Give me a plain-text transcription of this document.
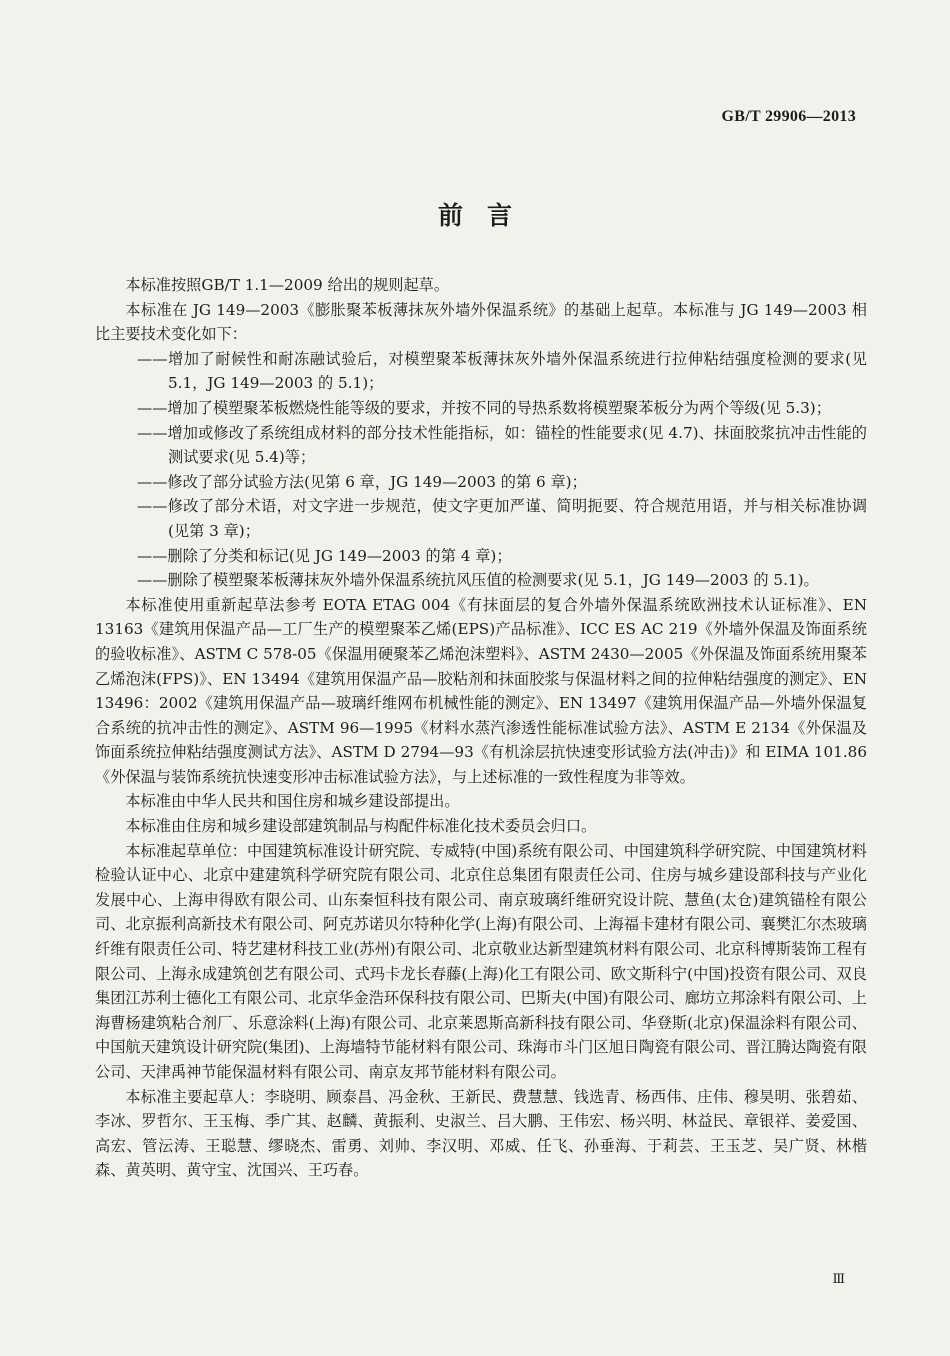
GB/T 29906—2013
前言

本标准按照GB/T 1.1—2009 给出的规则起草。

本标准在 JG 149—2003《膨胀聚苯板薄抹灰外墙外保温系统》的基础上起草。本标准与 JG 149—2003 相比主要技术变化如下：

——增加了耐候性和耐冻融试验后，对模塑聚苯板薄抹灰外墙外保温系统进行拉伸粘结强度检测的要求(见 5.1，JG 149—2003 的 5.1)；

——增加了模塑聚苯板燃烧性能等级的要求，并按不同的导热系数将模塑聚苯板分为两个等级(见 5.3)；

——增加或修改了系统组成材料的部分技术性能指标，如：锚栓的性能要求(见 4.7)、抹面胶浆抗冲击性能的测试要求(见 5.4)等；

——修改了部分试验方法(见第 6 章，JG 149—2003 的第 6 章)；

——修改了部分术语，对文字进一步规范，使文字更加严谨、简明扼要、符合规范用语，并与相关标准协调(见第 3 章)；

——删除了分类和标记(见 JG 149—2003 的第 4 章)；

——删除了模塑聚苯板薄抹灰外墙外保温系统抗风压值的检测要求(见 5.1，JG 149—2003 的 5.1)。

本标准使用重新起草法参考 EOTA ETAG 004《有抹面层的复合外墙外保温系统欧洲技术认证标准》、EN 13163《建筑用保温产品—工厂生产的模塑聚苯乙烯(EPS)产品标准》、ICC ES AC 219《外墙外保温及饰面系统的验收标准》、ASTM C 578-05《保温用硬聚苯乙烯泡沫塑料》、ASTM 2430—2005《外保温及饰面系统用聚苯乙烯泡沫(FPS)》、EN 13494《建筑用保温产品—胶粘剂和抹面胶浆与保温材料之间的拉伸粘结强度的测定》、EN 13496：2002《建筑用保温产品—玻璃纤维网布机械性能的测定》、EN 13497《建筑用保温产品—外墙外保温复合系统的抗冲击性的测定》、ASTM 96—1995《材料水蒸汽渗透性能标准试验方法》、ASTM E 2134《外保温及饰面系统拉伸粘结强度测试方法》、ASTM D 2794—93《有机涂层抗快速变形试验方法(冲击)》和 EIMA 101.86《外保温与装饰系统抗快速变形冲击标准试验方法》，与上述标准的一致性程度为非等效。

本标准由中华人民共和国住房和城乡建设部提出。

本标准由住房和城乡建设部建筑制品与构配件标准化技术委员会归口。

本标准起草单位：中国建筑标准设计研究院、专威特(中国)系统有限公司、中国建筑科学研究院、中国建筑材料检验认证中心、北京中建建筑科学研究院有限公司、北京住总集团有限责任公司、住房与城乡建设部科技与产业化发展中心、上海申得欧有限公司、山东秦恒科技有限公司、南京玻璃纤维研究设计院、慧鱼(太仓)建筑锚栓有限公司、北京振利高新技术有限公司、阿克苏诺贝尔特种化学(上海)有限公司、上海福卡建材有限公司、襄樊汇尔杰玻璃纤维有限责任公司、特艺建材科技工业(苏州)有限公司、北京敬业达新型建筑材料有限公司、北京科博斯装饰工程有限公司、上海永成建筑创艺有限公司、式玛卡龙长春藤(上海)化工有限公司、欧文斯科宁(中国)投资有限公司、双良集团江苏利士德化工有限公司、北京华金浩环保科技有限公司、巴斯夫(中国)有限公司、廊坊立邦涂料有限公司、上海曹杨建筑粘合剂厂、乐意涂料(上海)有限公司、北京莱恩斯高新科技有限公司、华登斯(北京)保温涂料有限公司、中国航天建筑设计研究院(集团)、上海墙特节能材料有限公司、珠海市斗门区旭日陶瓷有限公司、晋江腾达陶瓷有限公司、天津禹神节能保温材料有限公司、南京友邦节能材料有限公司。

本标准主要起草人：李晓明、顾泰昌、冯金秋、王新民、费慧慧、钱选青、杨西伟、庄伟、穆昊明、张碧茹、李冰、罗哲尔、王玉梅、季广其、赵麟、黄振利、史淑兰、吕大鹏、王伟宏、杨兴明、林益民、章银祥、姜爱国、高宏、管沄涛、王聪慧、缪晓杰、雷勇、刘帅、李汉明、邓威、任飞、孙垂海、于莉芸、王玉芝、吴广贤、林楷森、黄英明、黄守宝、沈国兴、王巧春。

Ⅲ
